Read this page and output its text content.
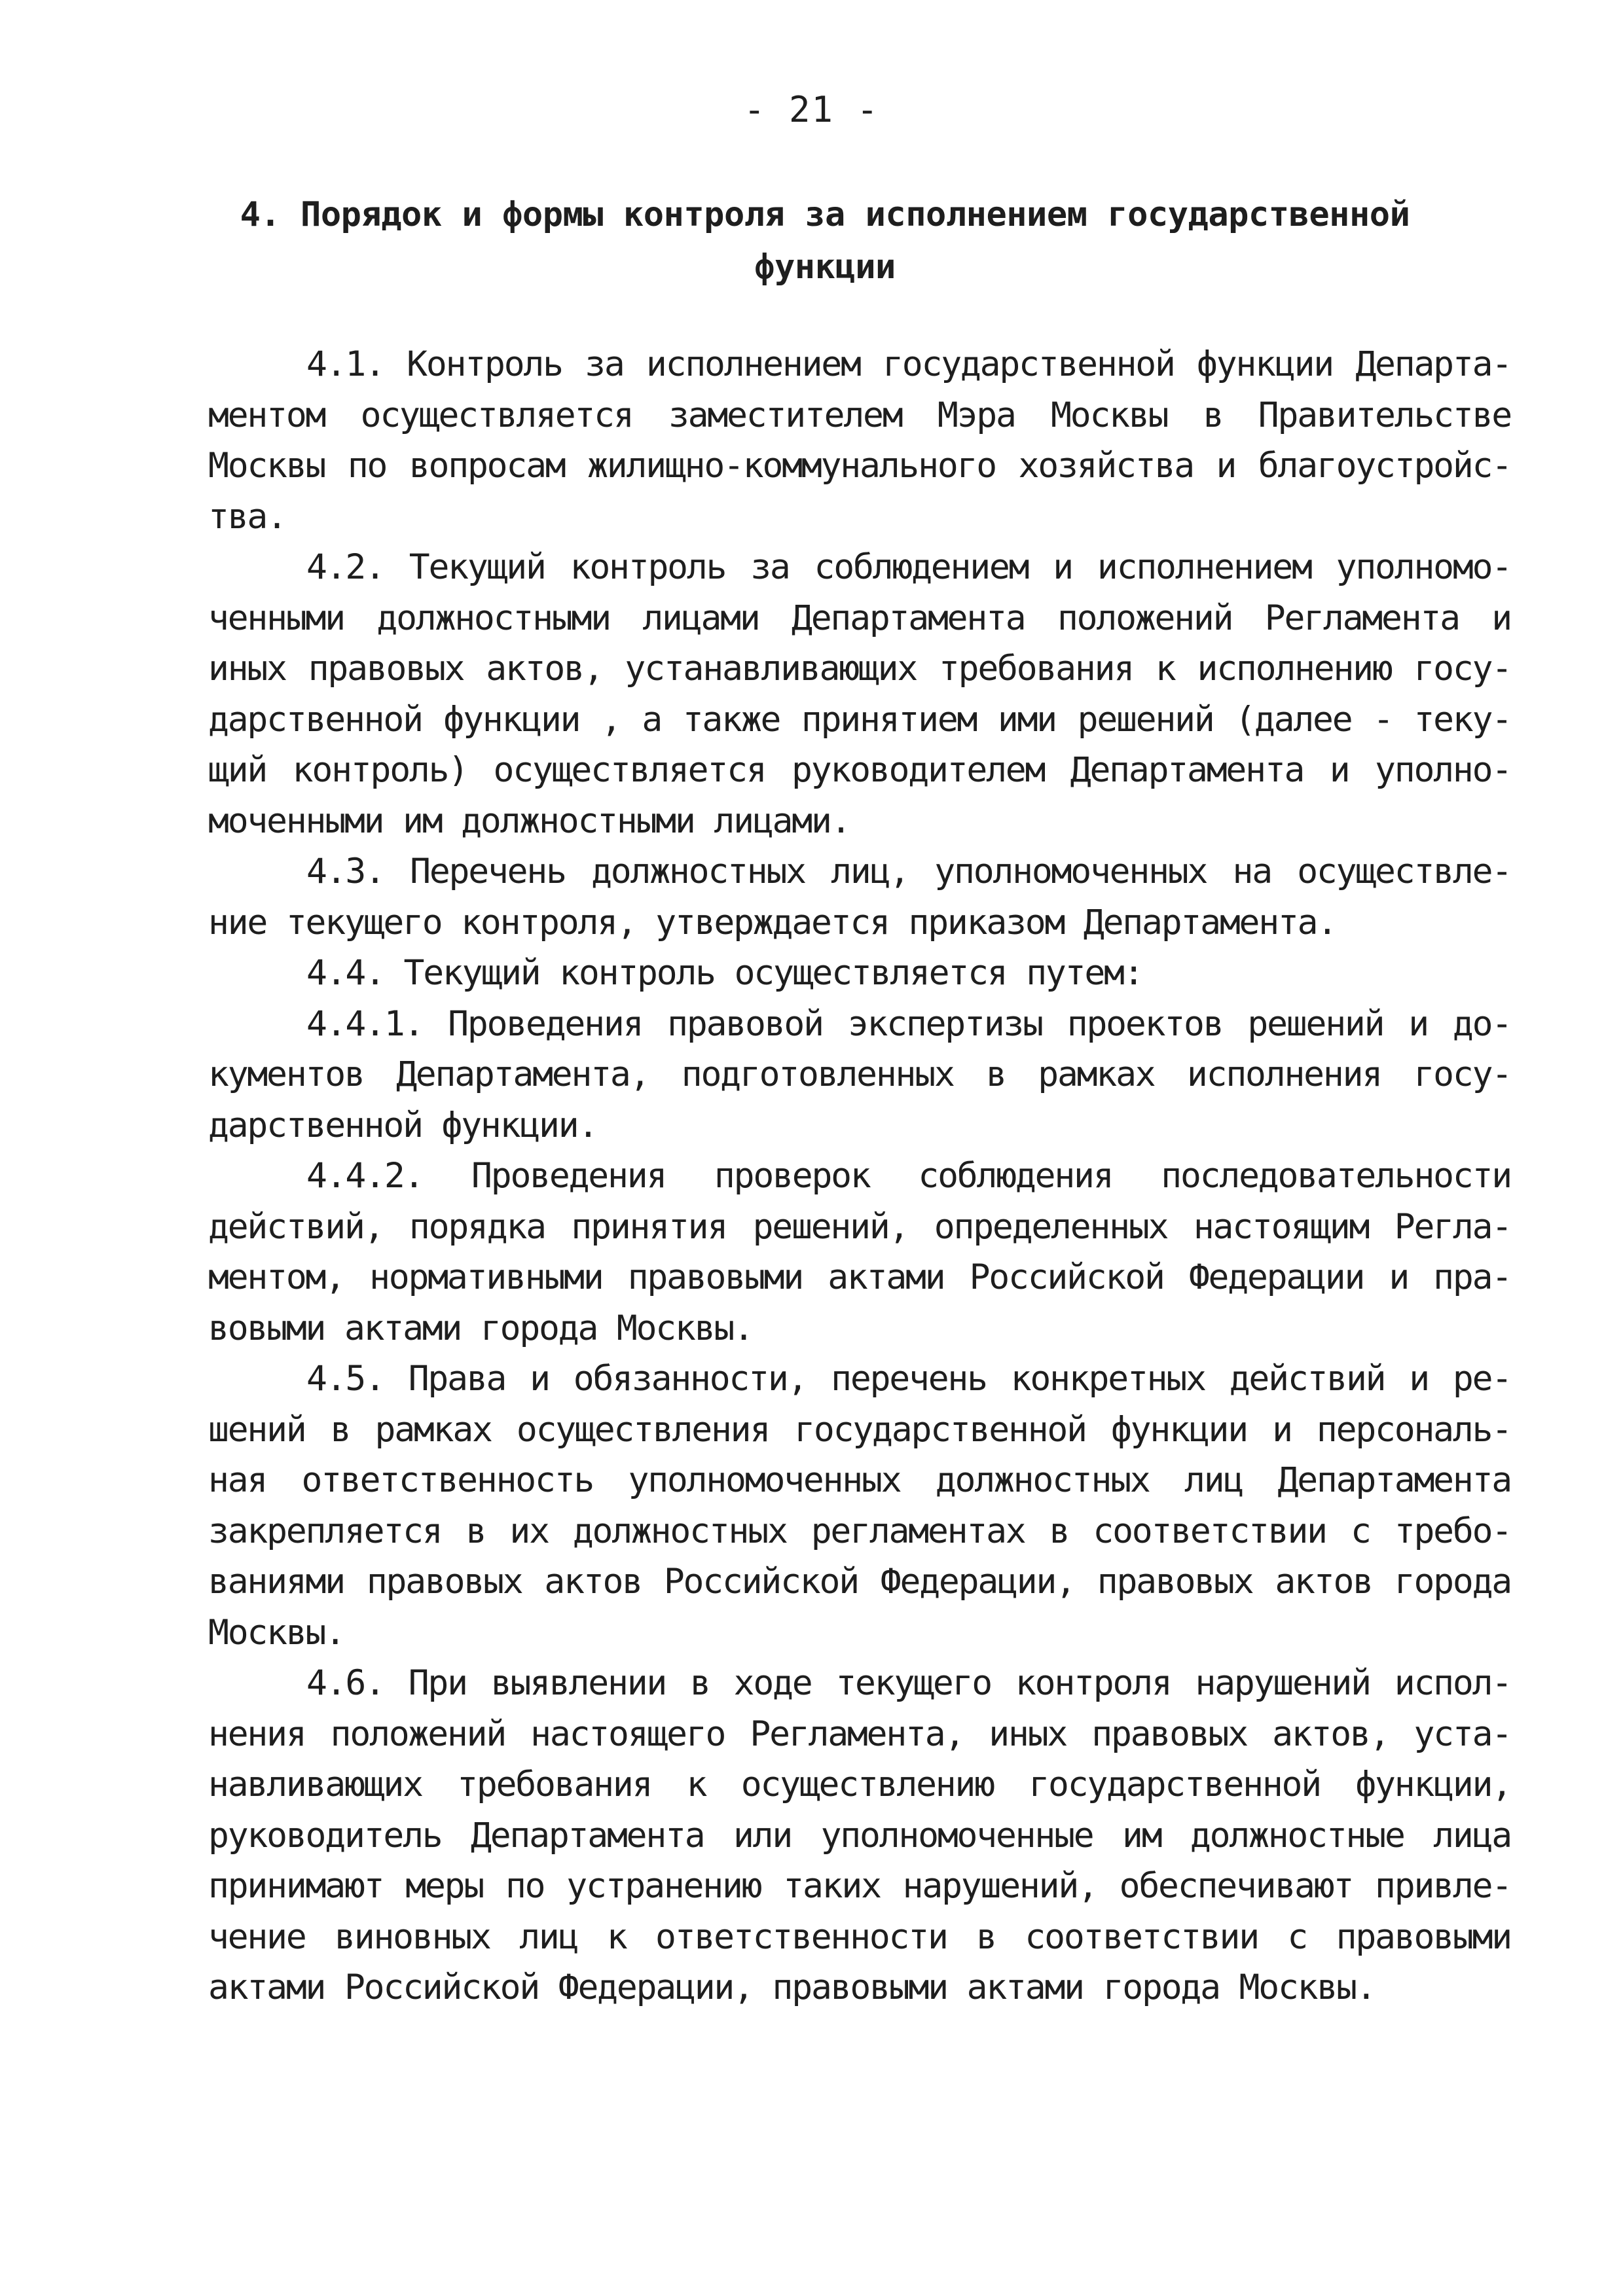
- 21 -
4. Порядок и формы контроля за исполнением государственной
функции
4.1. Контроль за исполнением государственной функции Департа-
ментом осуществляется заместителем Мэра Москвы в Правительстве
Москвы по вопросам жилищно-коммунального хозяйства и благоустройс-
тва.
4.2. Текущий контроль за соблюдением и исполнением уполномо-
ченными должностными лицами Департамента положений Регламента и
иных правовых актов, устанавливающих требования к исполнению госу-
дарственной функции , а также принятием ими решений (далее - теку-
щий контроль) осуществляется руководителем Департамента и уполно-
моченными им должностными лицами.
4.3. Перечень должностных лиц, уполномоченных на осуществле-
ние текущего контроля, утверждается приказом Департамента.
4.4. Текущий контроль осуществляется путем:
4.4.1. Проведения правовой экспертизы проектов решений и до-
кументов Департамента, подготовленных в рамках исполнения госу-
дарственной функции.
4.4.2. Проведения проверок соблюдения последовательности
действий, порядка принятия решений, определенных настоящим Регла-
ментом, нормативными правовыми актами Российской Федерации и пра-
вовыми актами города Москвы.
4.5. Права и обязанности, перечень конкретных действий и ре-
шений в рамках осуществления государственной функции и персональ-
ная ответственность уполномоченных должностных лиц Департамента
закрепляется в их должностных регламентах в соответствии с требо-
ваниями правовых актов Российской Федерации, правовых актов города
Москвы.
4.6. При выявлении в ходе текущего контроля нарушений испол-
нения положений настоящего Регламента, иных правовых актов, уста-
навливающих требования к осуществлению государственной функции,
руководитель Департамента или уполномоченные им должностные лица
принимают меры по устранению таких нарушений, обеспечивают привле-
чение виновных лиц к ответственности в соответствии с правовыми
актами Российской Федерации, правовыми актами города Москвы.
